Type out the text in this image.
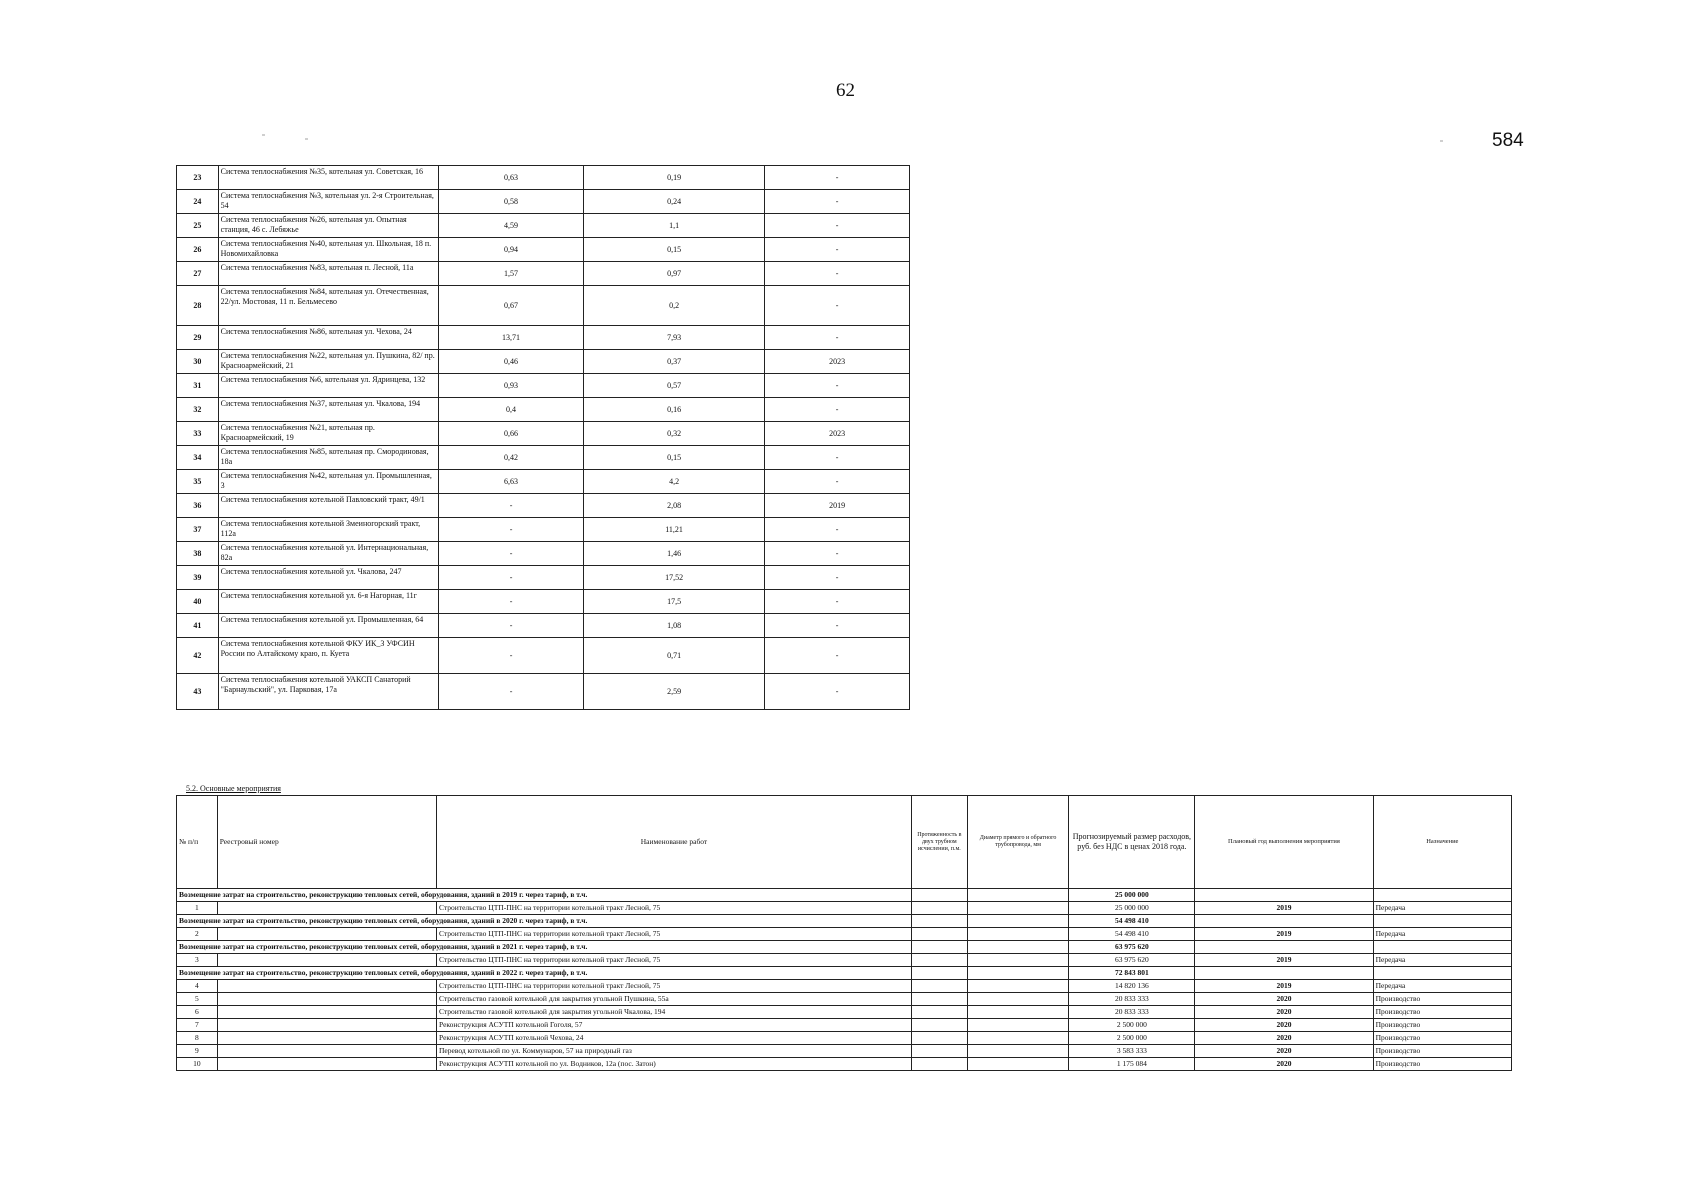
62
584
23	Система теплоснабжения №35, котельная ул. Советская, 16	0,63	0,19	-
24	Система теплоснабжения №3, котельная ул. 2-я Строительная, 54	0,58	0,24	-
25	Система теплоснабжения №26, котельная ул. Опытная станция, 46 с. Лебяжье	4,59	1,1	-
26	Система теплоснабжения №40, котельная ул. Школьная, 18 п. Новомихайловка	0,94	0,15	-
27	Система теплоснабжения №83, котельная п. Лесной, 11а	1,57	0,97	-
28	Система теплоснабжения №84, котельная ул. Отечественная, 22/ул. Мостовая, 11 п. Бельмесево	0,67	0,2	-
29	Система теплоснабжения №86, котельная ул. Чехова, 24	13,71	7,93	-
30	Система теплоснабжения №22, котельная ул. Пушкина, 82/ пр. Красноармейский, 21	0,46	0,37	2023
31	Система теплоснабжения №6, котельная ул. Ядринцева, 132	0,93	0,57	-
32	Система теплоснабжения №37, котельная ул. Чкалова, 194	0,4	0,16	-
33	Система теплоснабжения №21, котельная пр. Красноармейский, 19	0,66	0,32	2023
34	Система теплоснабжения №85, котельная пр. Смородиновая, 18а	0,42	0,15	-
35	Система теплоснабжения №42, котельная ул. Промышленная, 3	6,63	4,2	-
36	Система теплоснабжения котельной Павловский тракт, 49/1	-	2,08	2019
37	Система теплоснабжения котельной Змеиногорский тракт, 112а	-	11,21	-
38	Система теплоснабжения котельной ул. Интернациональная, 82а	-	1,46	-
39	Система теплоснабжения котельной ул. Чкалова, 247	-	17,52	-
40	Система теплоснабжения котельной ул. 6-я Нагорная, 11г	-	17,5	-
41	Система теплоснабжения котельной ул. Промышленная, 64	-	1,08	-
42	Система теплоснабжения котельной ФКУ ИК_3 УФСИН России по Алтайскому краю, п. Куета	-	0,71	-
43	Система теплоснабжения котельной УАКСП Санаторий "Барнаульский", ул. Парковая, 17а	-	2,59	-
5.2. Основные мероприятия
№ п/п	Реестровый номер	Наименование работ	Протяженность в двух трубном исчислении, п.м.	Диаметр прямого и обратного трубопровода, мм	Прогнозируемый размер расходов, руб. без НДС в ценах 2018 года.	Плановый год выполнения мероприятия	Назначение
Возмещение затрат на строительство, реконструкцию тепловых сетей, оборудования, зданий в 2019 г. через тариф, в т.ч.					25 000 000		
1		Строительство ЦТП-ПНС на территории котельной тракт Лесной, 75			25 000 000	2019	Передача
Возмещение затрат на строительство, реконструкцию тепловых сетей, оборудования, зданий в 2020 г. через тариф, в т.ч.					54 498 410		
2		Строительство ЦТП-ПНС на территории котельной тракт Лесной, 75			54 498 410	2019	Передача
Возмещение затрат на строительство, реконструкцию тепловых сетей, оборудования, зданий в 2021 г. через тариф, в т.ч.					63 975 620		
3		Строительство ЦТП-ПНС на территории котельной тракт Лесной, 75			63 975 620	2019	Передача
Возмещение затрат на строительство, реконструкцию тепловых сетей, оборудования, зданий в 2022 г. через тариф, в т.ч.					72 843 801		
4		Строительство ЦТП-ПНС на территории котельной тракт Лесной, 75			14 820 136	2019	Передача
5		Строительство газовой котельной для закрытия угольной Пушкина, 55а			20 833 333	2020	Производство
6		Строительство газовой котельной для закрытия угольной Чкалова, 194			20 833 333	2020	Производство
7		Реконструкция АСУТП котельной Гоголя, 57			2 500 000	2020	Производство
8		Реконструкция АСУТП котельной Чехова, 24			2 500 000	2020	Производство
9		Перевод котельной по ул. Коммунаров, 57 на природный газ			3 583 333	2020	Производство
10		Реконструкция АСУТП котельной по ул. Водников, 12а (пос. Затон)			1 175 084	2020	Производство
